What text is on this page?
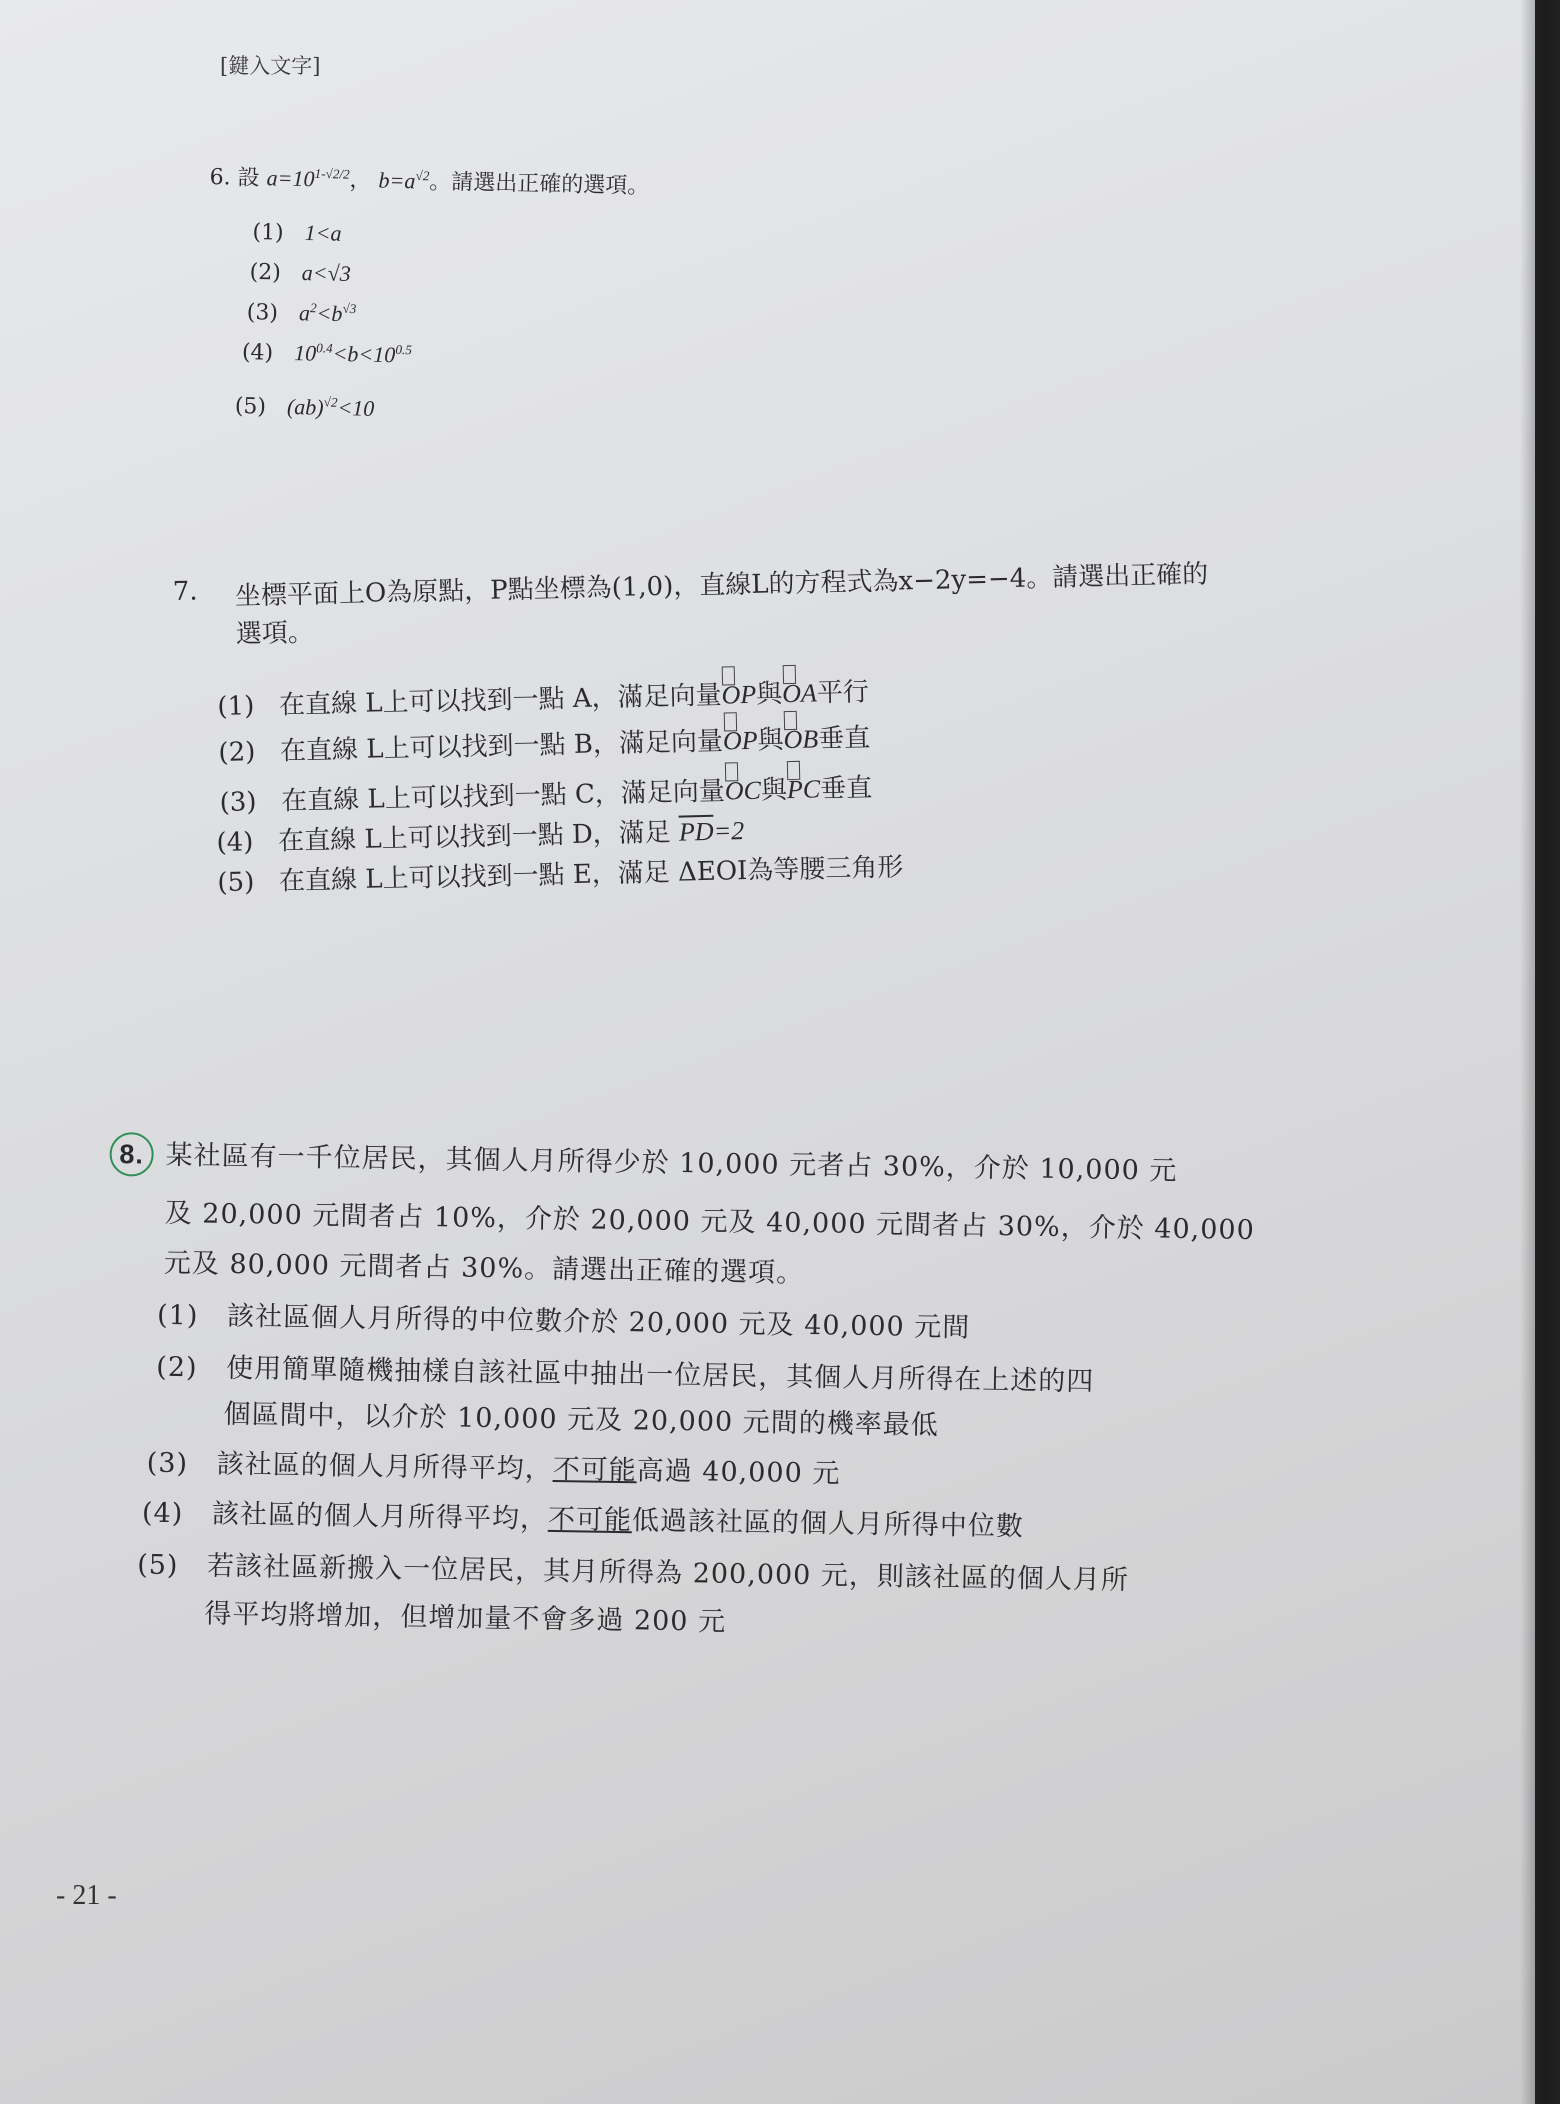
[鍵入文字]
6. 設 $a=10^{1-√2/2}$， $b=a^{√2}$。請選出正確的選項。
(1) 1<a
(2) a<√3
(3) $a^2<b^{√3}$
(4) $10^{0.4}<b<10^{0.5}$
(5) (ab)$^{√2}$<10
7. 坐標平面上O為原點，P點坐標為(1,0)，直線L的方程式為x−2y=−4。請選出正確的
選項。
(1) 在直線 L上可以找到一點 A，滿足向量OP與OA平行
(2) 在直線 L上可以找到一點 B，滿足向量OP與OB垂直
(3) 在直線 L上可以找到一點 C，滿足向量OC與PC垂直
(4) 在直線 L上可以找到一點 D，滿足 $\overline{PD}=2$
(5) 在直線 L上可以找到一點 E，滿足 ΔEOI為等腰三角形
8. 某社區有一千位居民，其個人月所得少於 10,000 元者占 30%，介於 10,000 元
及 20,000 元間者占 10%，介於 20,000 元及 40,000 元間者占 30%，介於 40,000
元及 80,000 元間者占 30%。請選出正確的選項。
(1) 該社區個人月所得的中位數介於 20,000 元及 40,000 元間
(2) 使用簡單隨機抽樣自該社區中抽出一位居民，其個人月所得在上述的四
個區間中，以介於 10,000 元及 20,000 元間的機率最低
(3) 該社區的個人月所得平均，不可能高過 40,000 元
(4) 該社區的個人月所得平均，不可能低過該社區的個人月所得中位數
(5) 若該社區新搬入一位居民，其月所得為 200,000 元，則該社區的個人月所
得平均將增加，但增加量不會多過 200 元
- 21 -
